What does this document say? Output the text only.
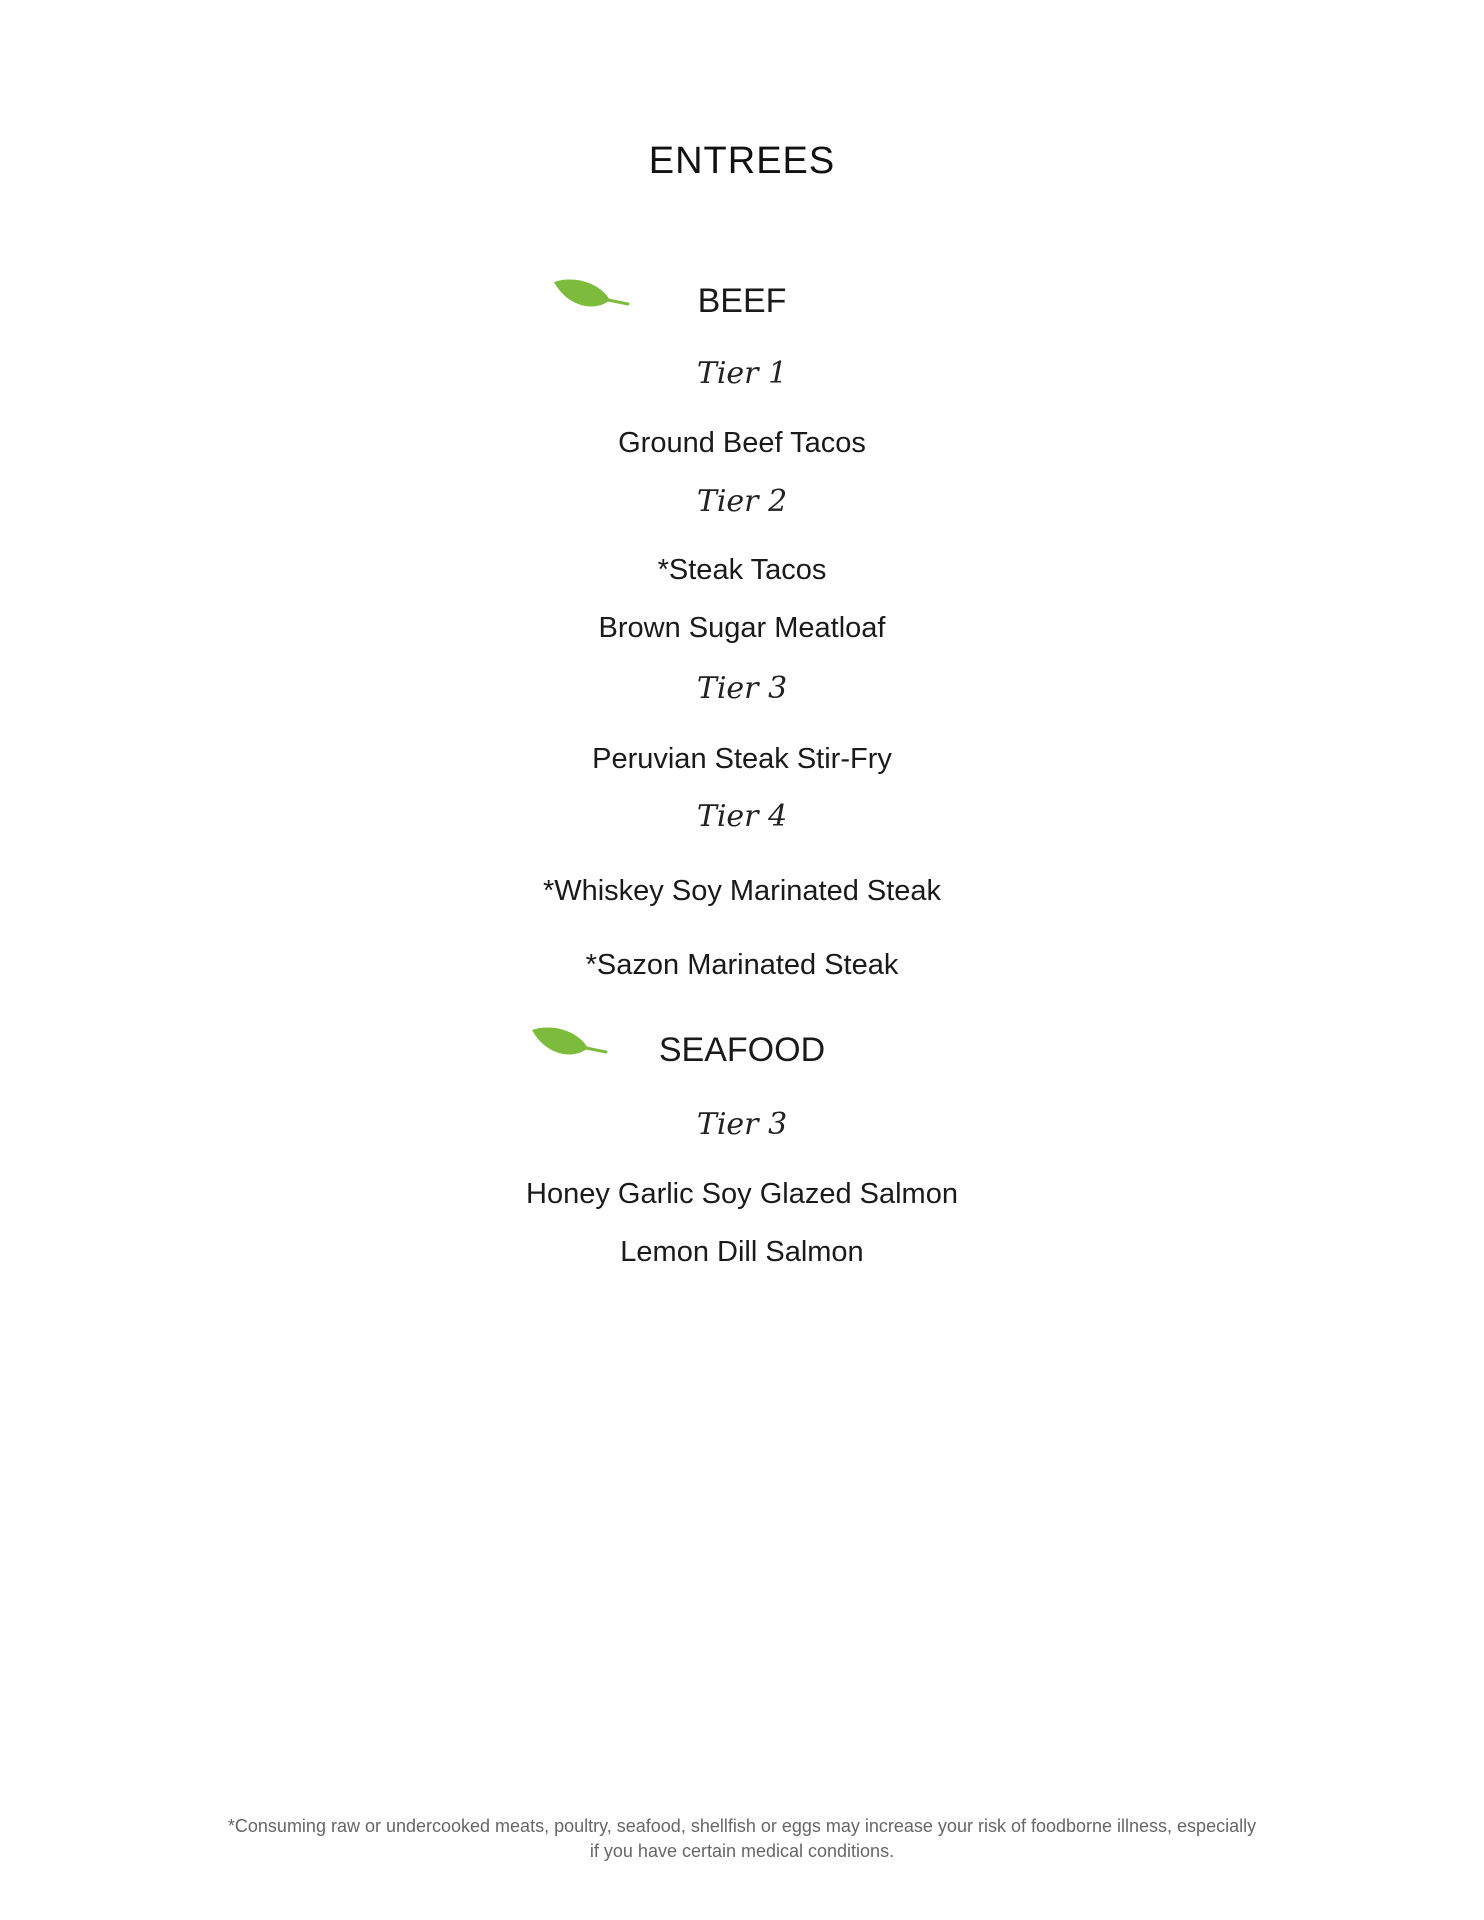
ENTREES
BEEF
Tier 1
Ground Beef Tacos
Tier 2
*Steak Tacos
Brown Sugar Meatloaf
Tier 3
Peruvian Steak Stir-Fry
Tier 4
*Whiskey Soy Marinated Steak
*Sazon Marinated Steak
SEAFOOD
Tier 3
Honey Garlic Soy Glazed Salmon
Lemon Dill Salmon
*Consuming raw or undercooked meats, poultry, seafood, shellfish or eggs may increase your risk of foodborne illness, especially
if you have certain medical conditions.
